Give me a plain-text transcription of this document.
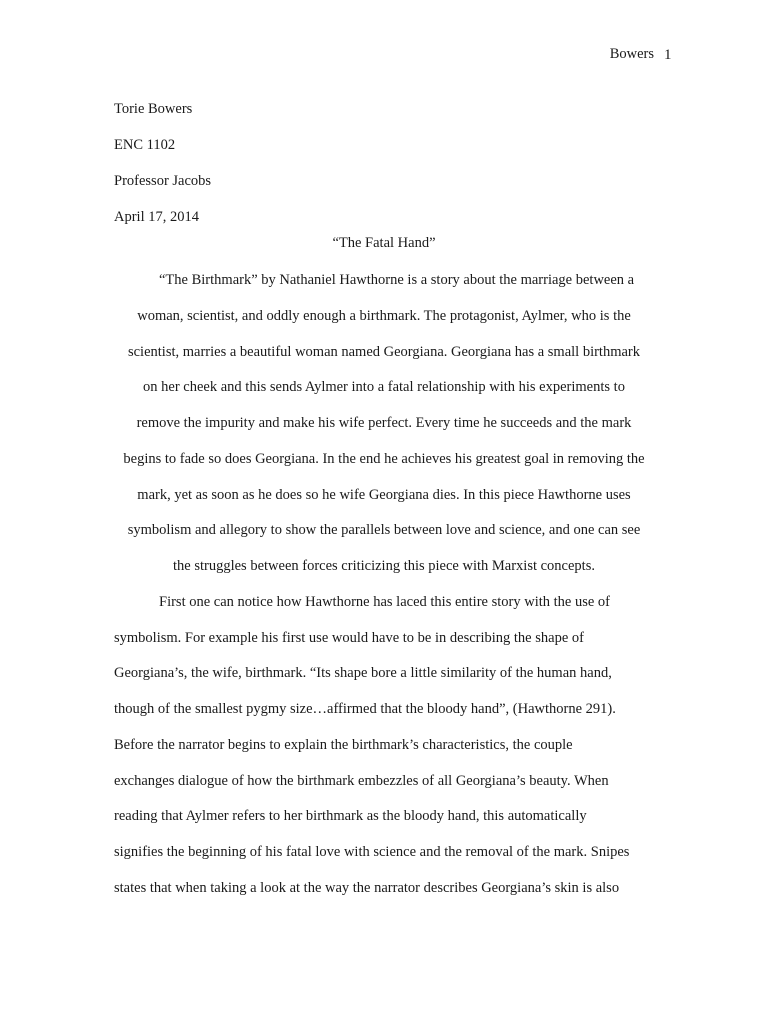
Bowers 1
Torie Bowers
ENC 1102
Professor Jacobs
April 17, 2014
“The Fatal Hand”
“The Birthmark” by Nathaniel Hawthorne is a story about the marriage between a
woman, scientist, and oddly enough a birthmark. The protagonist, Aylmer, who is the
scientist, marries a beautiful woman named Georgiana. Georgiana has a small birthmark
on her cheek and this sends Aylmer into a fatal relationship with his experiments to
remove the impurity and make his wife perfect. Every time he succeeds and the mark
begins to fade so does Georgiana. In the end he achieves his greatest goal in removing the
mark, yet as soon as he does so he wife Georgiana dies. In this piece Hawthorne uses
symbolism and allegory to show the parallels between love and science, and one can see
the struggles between forces criticizing this piece with Marxist concepts.
First one can notice how Hawthorne has laced this entire story with the use of
symbolism. For example his first use would have to be in describing the shape of
Georgiana’s, the wife, birthmark. “Its shape bore a little similarity of the human hand,
though of the smallest pygmy size…affirmed that the bloody hand”, (Hawthorne 291).
Before the narrator begins to explain the birthmark’s characteristics, the couple
exchanges dialogue of how the birthmark embezzles of all Georgiana’s beauty. When
reading that Aylmer refers to her birthmark as the bloody hand, this automatically
signifies the beginning of his fatal love with science and the removal of the mark. Snipes
states that when taking a look at the way the narrator describes Georgiana’s skin is also
